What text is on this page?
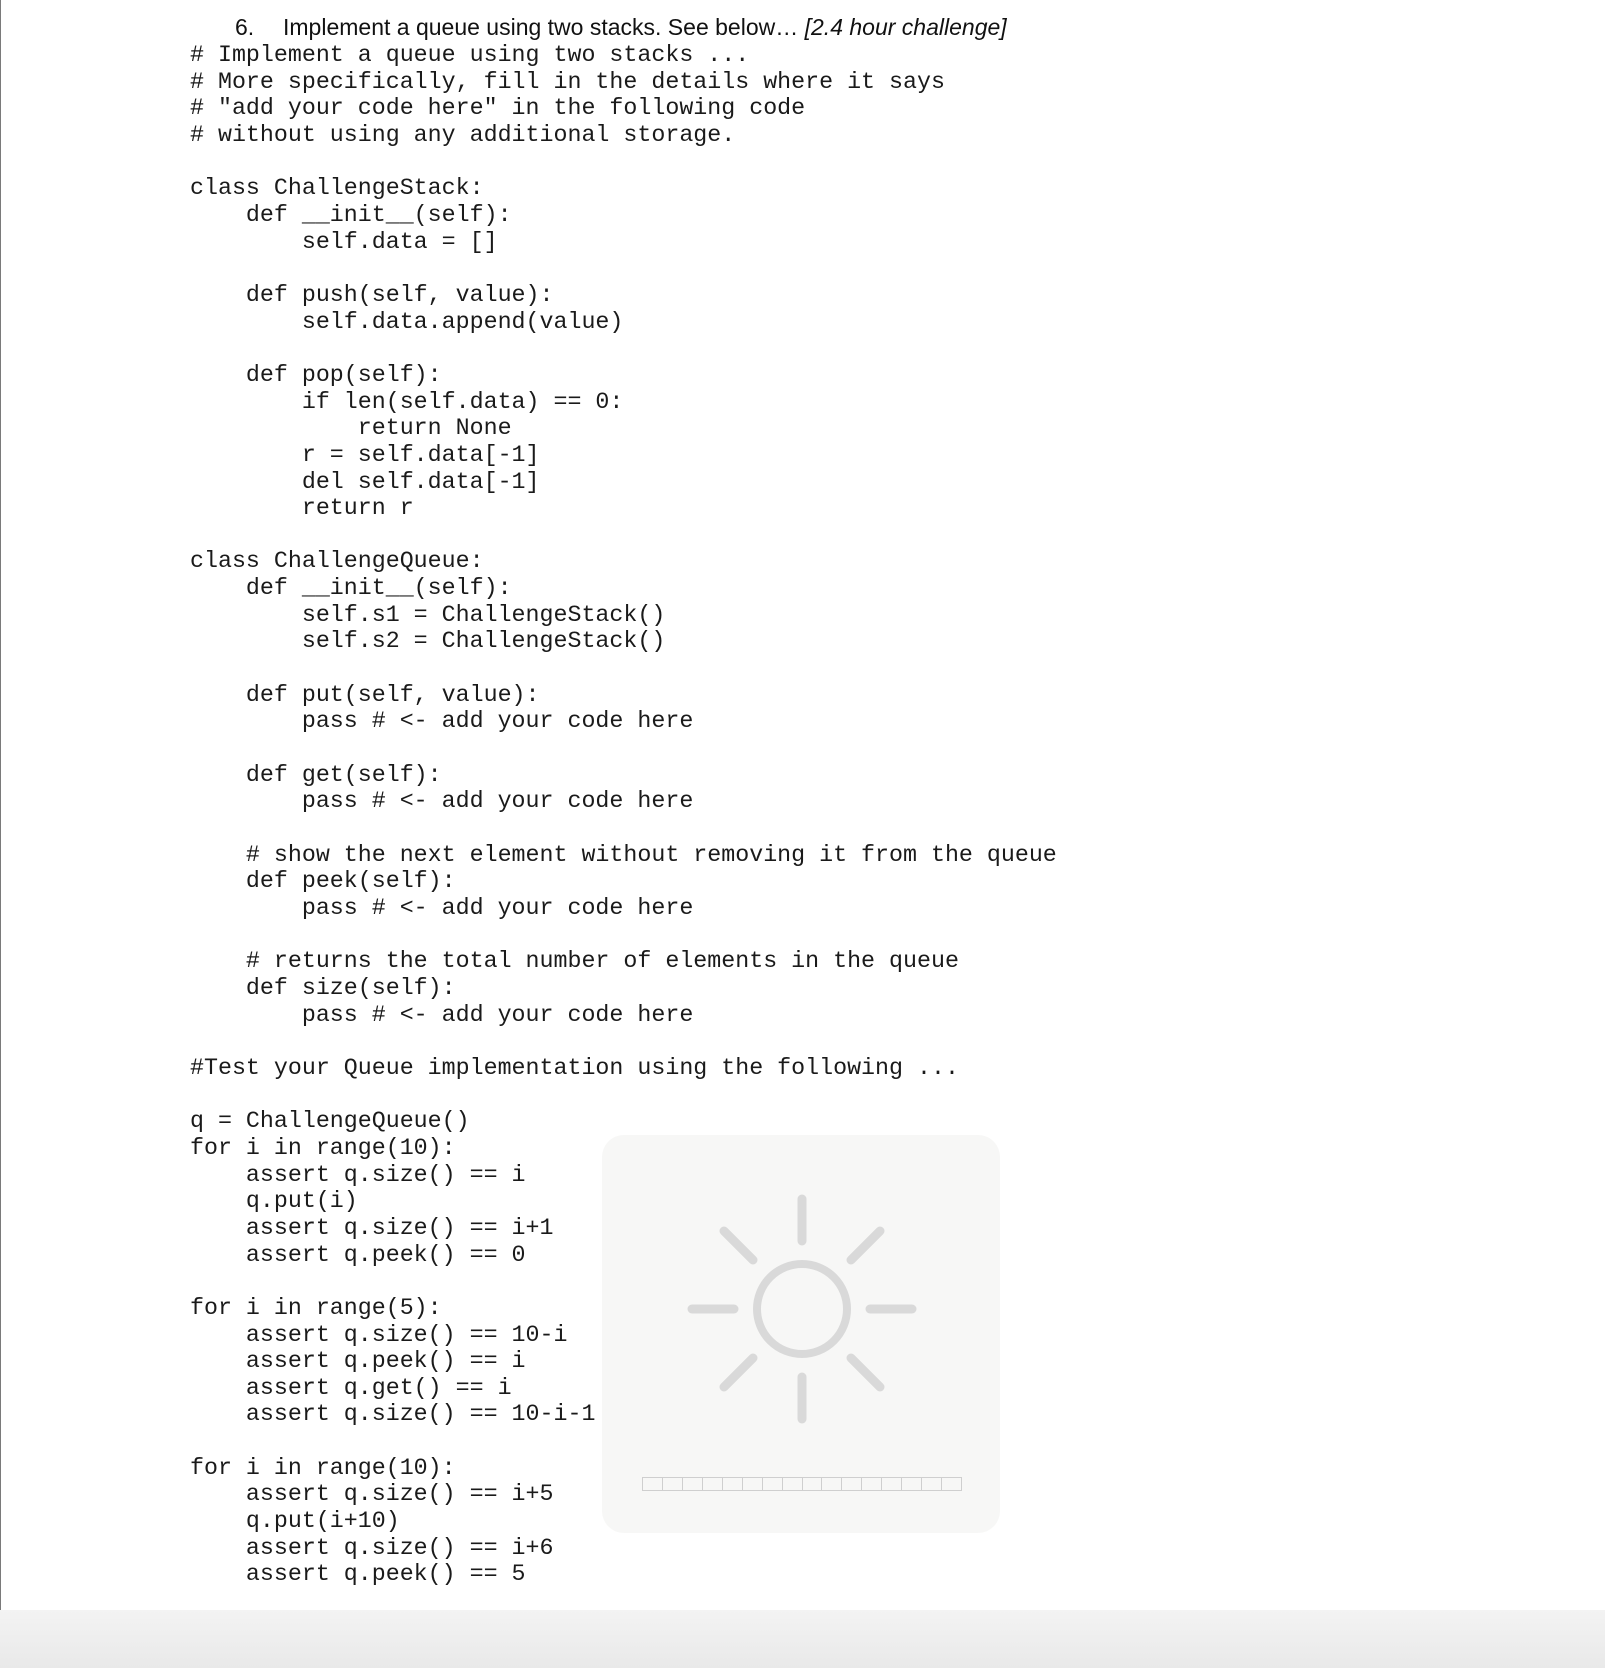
6. Implement a queue using two stacks. See below… [2.4 hour challenge]
# Implement a queue using two stacks ...
# More specifically, fill in the details where it says
# "add your code here" in the following code
# without using any additional storage.
class ChallengeStack:
def __init__(self):
self.data = []
def push(self, value):
self.data.append(value)
def pop(self):
if len(self.data) == 0:
return None
r = self.data[-1]
del self.data[-1]
return r
class ChallengeQueue:
def __init__(self):
self.s1 = ChallengeStack()
self.s2 = ChallengeStack()
def put(self, value):
pass # <- add your code here
def get(self):
pass # <- add your code here
# show the next element without removing it from the queue
def peek(self):
pass # <- add your code here
# returns the total number of elements in the queue
def size(self):
pass # <- add your code here
#Test your Queue implementation using the following ...
q = ChallengeQueue()
for i in range(10):
assert q.size() == i
q.put(i)
assert q.size() == i+1
assert q.peek() == 0
for i in range(5):
assert q.size() == 10-i
assert q.peek() == i
assert q.get() == i
assert q.size() == 10-i-1
for i in range(10):
assert q.size() == i+5
q.put(i+10)
assert q.size() == i+6
assert q.peek() == 5
